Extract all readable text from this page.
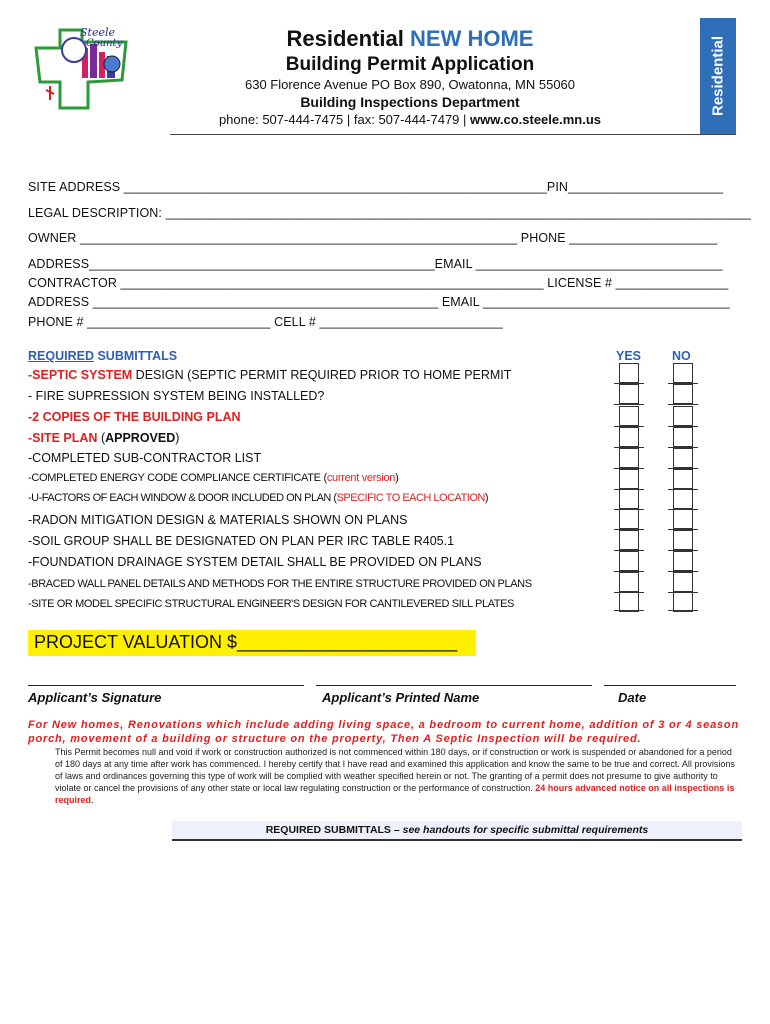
Steele
County	Residential
Residential NEW HOME
Building Permit Application
630 Florence Avenue PO Box 890, Owatonna, MN 55060
Building Inspections Department
phone: 507-444-7475 | fax: 507-444-7479 | www.co.steele.mn.us
SITE ADDRESS ____________________________________________________________PIN______________________
LEGAL DESCRIPTION: ___________________________________________________________________________________
OWNER ______________________________________________________________ PHONE _____________________
ADDRESS_________________________________________________EMAIL ___________________________________
CONTRACTOR ____________________________________________________________ LICENSE # ________________
ADDRESS _________________________________________________ EMAIL ___________________________________
PHONE # __________________________ CELL # __________________________
REQUIRED SUBMITTALS	YES NO
-SEPTIC SYSTEM DESIGN (SEPTIC PERMIT REQUIRED PRIOR TO HOME PERMIT
- FIRE SUPRESSION SYSTEM BEING INSTALLED?
-2 COPIES OF THE BUILDING PLAN
-SITE PLAN (APPROVED)
-COMPLETED SUB-CONTRACTOR LIST
-COMPLETED ENERGY CODE COMPLIANCE CERTIFICATE (current version)
-U-FACTORS OF EACH WINDOW & DOOR INCLUDED ON PLAN (SPECIFIC TO EACH LOCATION)
-RADON MITIGATION DESIGN & MATERIALS SHOWN ON PLANS
-SOIL GROUP SHALL BE DESIGNATED ON PLAN PER IRC TABLE R405.1
-FOUNDATION DRAINAGE SYSTEM DETAIL SHALL BE PROVIDED ON PLANS
-BRACED WALL PANEL DETAILS AND METHODS FOR THE ENTIRE STRUCTURE PROVIDED ON PLANS
-SITE OR MODEL SPECIFIC STRUCTURAL ENGINEER'S DESIGN FOR CANTILEVERED SILL PLATES
PROJECT VALUATION $______________________
Applicant’s Signature	Applicant’s Printed Name	Date
For New homes, Renovations which include adding living space, a bedroom to current home, addition of 3 or 4 season porch, movement of a building or structure on the property, Then A Septic Inspection will be required.
This Permit becomes null and void if work or construction authorized is not commenced within 180 days, or if construction or work is suspended or abandoned for a period of 180 days at any time after work has commenced. I hereby certify that I have read and examined this application and know the same to be true and correct. All provisions of laws and ordinances governing this type of work will be complied with weather specified herein or not. The granting of a permit does not presume to give authority to violate or cancel the provisions of any other state or local law regulating construction or the performance of construction. 24 hours advanced notice on all inspections is required.
REQUIRED SUBMITTALS – see handouts for specific submittal requirements
